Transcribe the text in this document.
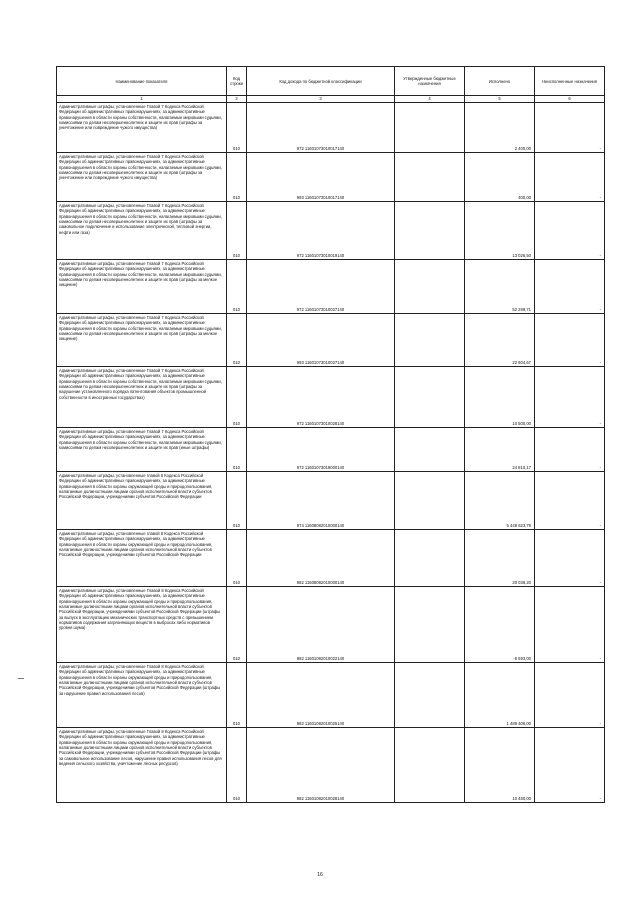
Наименование показателя	Код строки	Код дохода по бюджетной классификации	Утвержденные бюджетные назначения	Исполнено	Неисполненные назначения
1	2	3	4	5	6
Административные штрафы, установленные Главой 7 Кодекса Российской Федерации об административных правонарушениях, за административные правонарушения в области охраны собственности, налагаемые мировыми судьями, комиссиями по делам несовершеннолетних и защите их прав (штрафы за уничтожение или повреждение чужого имущества)	010	972 11601073010017140		2 400,00	-
Административные штрафы, установленные Главой 7 Кодекса Российской Федерации об административных правонарушениях, за административные правонарушения в области охраны собственности, налагаемые мировыми судьями, комиссиями по делам несовершеннолетних и защите их прав (штрафы за уничтожение или повреждение чужого имущества)	010	993 11601073010017140		400,00	-
Административные штрафы, установленные Главой 7 Кодекса Российской Федерации об административных правонарушениях, за административные правонарушения в области охраны собственности, налагаемые мировыми судьями, комиссиями по делам несовершеннолетних и защите их прав (штрафы за самовольное подключение и использование электрической, тепловой энергии, нефти или газа)	010	972 11601073010019140		13 026,50	-
Административные штрафы, установленные Главой 7 Кодекса Российской Федерации об административных правонарушениях, за административные правонарушения в области охраны собственности, налагаемые мировыми судьями, комиссиями по делам несовершеннолетних и защите их прав (штрафы за мелкое хищение)	010	972 11601073010027140		52 299,71	-
Административные штрафы, установленные Главой 7 Кодекса Российской Федерации об административных правонарушениях, за административные правонарушения в области охраны собственности, налагаемые мировыми судьями, комиссиями по делам несовершеннолетних и защите их прав (штрафы за мелкое хищение)	010	993 11601073010027140		22 604,67	-
Административные штрафы, установленные Главой 7 Кодекса Российской Федерации об административных правонарушениях, за административные правонарушения в области охраны собственности, налагаемые мировыми судьями, комиссиями по делам несовершеннолетних и защите их прав (штрафы за нарушение установленного порядка патентования объектов промышленной собственности в иностранных государствах)	010	972 11601073010028140		10 500,00	-
Административные штрафы, установленные Главой 7 Кодекса Российской Федерации об административных правонарушениях, за административные правонарушения в области охраны собственности, налагаемые мировыми судьями, комиссиями по делам несовершеннолетних и защите их прав (иные штрафы)	010	972 11601073019000140		24 810,17	-
Административные штрафы, установленные главой 8 Кодекса Российской Федерации об административных правонарушениях, за административные правонарушения в области охраны окружающей среды и природопользования, налагаемые должностными лицами органов исполнительной власти субъектов Российской Федерации, учреждениями субъектов Российской Федерации	010	974 11608082010000140		5 448 623,79	-
Административные штрафы, установленные главой 8 Кодекса Российской Федерации об административных правонарушениях, за административные правонарушения в области охраны окружающей среды и природопользования, налагаемые должностными лицами органов исполнительной власти субъектов Российской Федерации, учреждениями субъектов Российской Федерации	010	982 11608082010000140		20 036,20	-
Административные штрафы, установленные Главой 8 Кодекса Российской Федерации об административных правонарушениях, за административные правонарушения в области охраны окружающей среды и природопользования, налагаемые должностными лицами органов исполнительной власти субъектов Российской Федерации, учреждениями субъектов Российской Федерации (штрафы за выпуск в эксплуатацию механических транспортных средств с превышением нормативов содержания загрязняющих веществ в выбросах либо нормативов уровня шума)	010	982 11601082010022140		-6 593,00	-
Административные штрафы, установленные Главой 8 Кодекса Российской Федерации об административных правонарушениях, за административные правонарушения в области охраны окружающей среды и природопользования, налагаемые должностными лицами органов исполнительной власти субъектов Российской Федерации, учреждениями субъектов Российской Федерации (штрафы за нарушение правил использования лесов)	010	982 11601082010025140		1 489 406,00	-
Административные штрафы, установленные Главой 8 Кодекса Российской Федерации об административных правонарушениях, за административные правонарушения в области охраны окружающей среды и природопользования, налагаемые должностными лицами органов исполнительной власти субъектов Российской Федерации, учреждениями субъектов Российской Федерации (штрафы за самовольное использование лесов, нарушение правил использования лесов для ведения сельского хозяйства, уничтожение лесных ресурсов)	010	982 11601082010028140		10 450,00	-
16
